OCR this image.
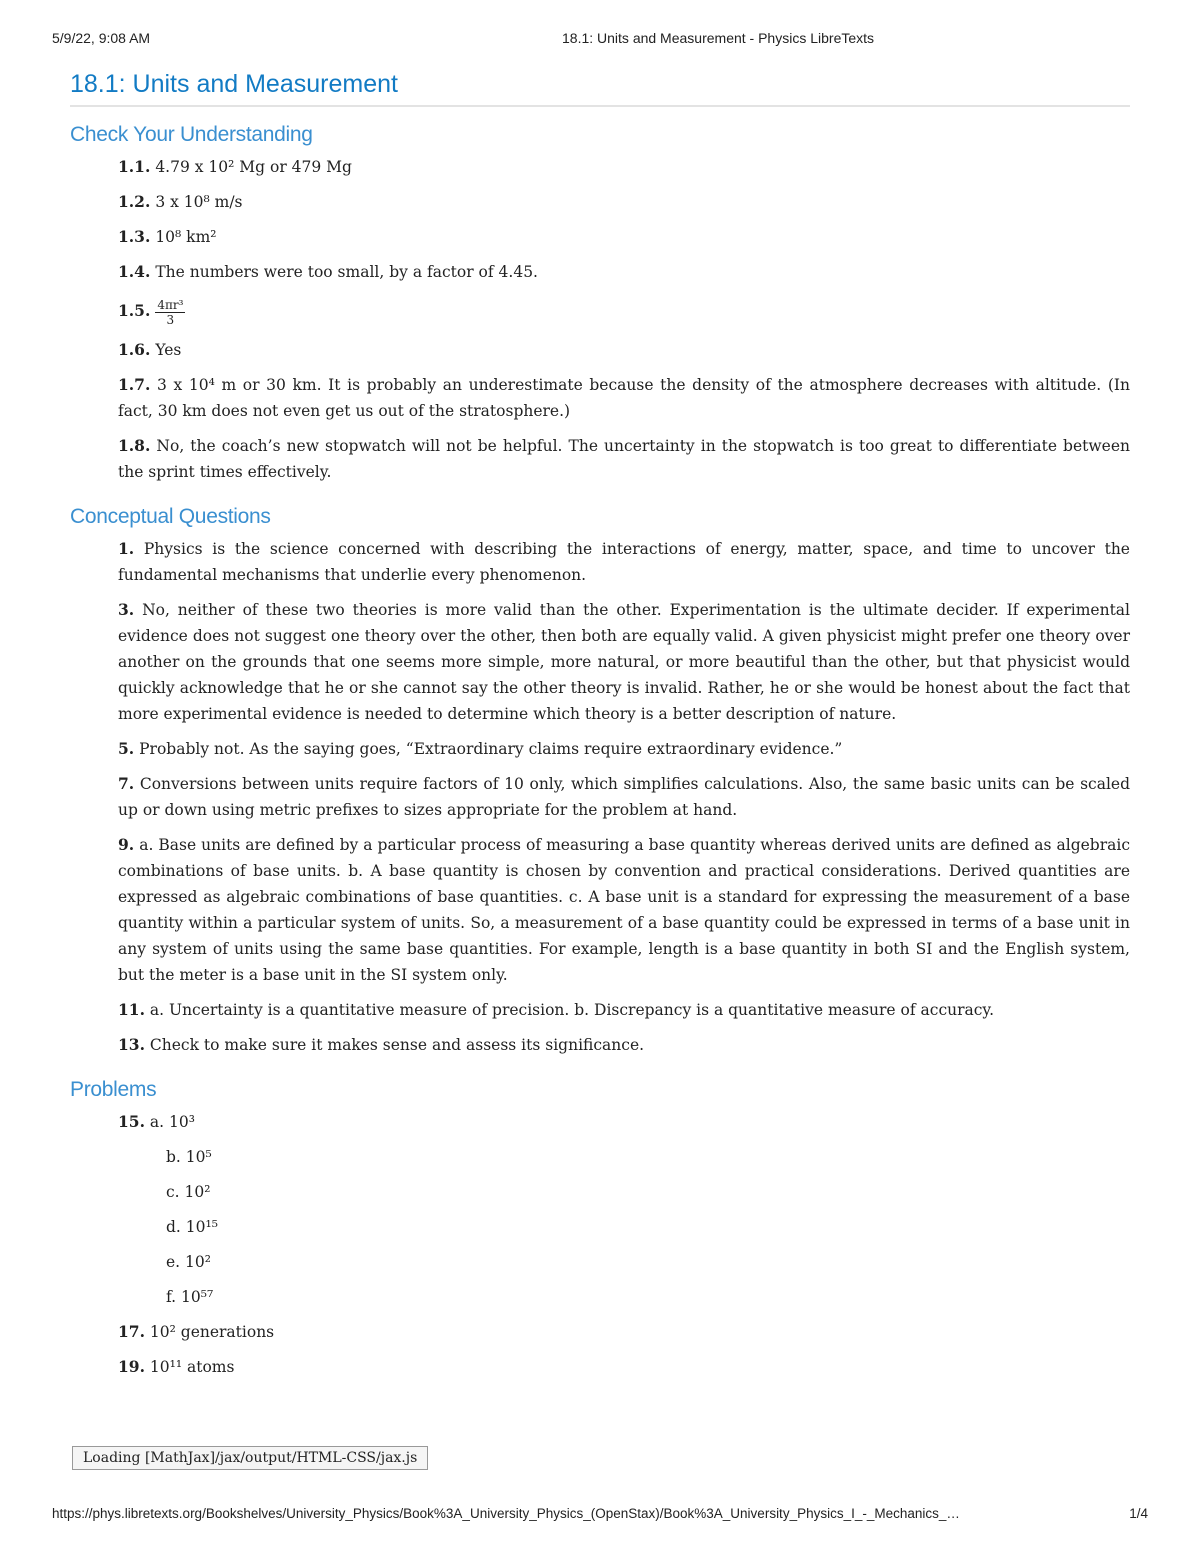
5/9/22, 9:08 AM	18.1: Units and Measurement - Physics LibreTexts
18.1: Units and Measurement
Check Your Understanding
1.1. 4.79 x 10² Mg or 479 Mg
1.2. 3 x 10⁸ m/s
1.3. 10⁸ km²
1.4. The numbers were too small, by a factor of 4.45.
1.5. $\frac{\text{4πr³}}{3}$
1.6. Yes
1.7. 3 x 10⁴ m or 30 km. It is probably an underestimate because the density of the atmosphere decreases with altitude. (In fact, 30 km does not even get us out of the stratosphere.)
1.8. No, the coach’s new stopwatch will not be helpful. The uncertainty in the stopwatch is too great to differentiate between the sprint times effectively.
Conceptual Questions
1. Physics is the science concerned with describing the interactions of energy, matter, space, and time to uncover the fundamental mechanisms that underlie every phenomenon.
3. No, neither of these two theories is more valid than the other. Experimentation is the ultimate decider. If experimental evidence does not suggest one theory over the other, then both are equally valid. A given physicist might prefer one theory over another on the grounds that one seems more simple, more natural, or more beautiful than the other, but that physicist would quickly acknowledge that he or she cannot say the other theory is invalid. Rather, he or she would be honest about the fact that more experimental evidence is needed to determine which theory is a better description of nature.
5. Probably not. As the saying goes, “Extraordinary claims require extraordinary evidence.”
7. Conversions between units require factors of 10 only, which simplifies calculations. Also, the same basic units can be scaled up or down using metric prefixes to sizes appropriate for the problem at hand.
9. a. Base units are defined by a particular process of measuring a base quantity whereas derived units are defined as algebraic combinations of base units. b. A base quantity is chosen by convention and practical considerations. Derived quantities are expressed as algebraic combinations of base quantities. c. A base unit is a standard for expressing the measurement of a base quantity within a particular system of units. So, a measurement of a base quantity could be expressed in terms of a base unit in any system of units using the same base quantities. For example, length is a base quantity in both SI and the English system, but the meter is a base unit in the SI system only.
11. a. Uncertainty is a quantitative measure of precision. b. Discrepancy is a quantitative measure of accuracy.
13. Check to make sure it makes sense and assess its significance.
Problems
15. a. 10³
b. 10⁵
c. 10²
d. 10¹⁵
e. 10²
f. 10⁵⁷
17. 10² generations
19. 10¹¹ atoms
Loading [MathJax]/jax/output/HTML-CSS/jax.js
https://phys.libretexts.org/Bookshelves/University_Physics/Book%3A_University_Physics_(OpenStax)/Book%3A_University_Physics_I_-_Mechanics_…	1/4
